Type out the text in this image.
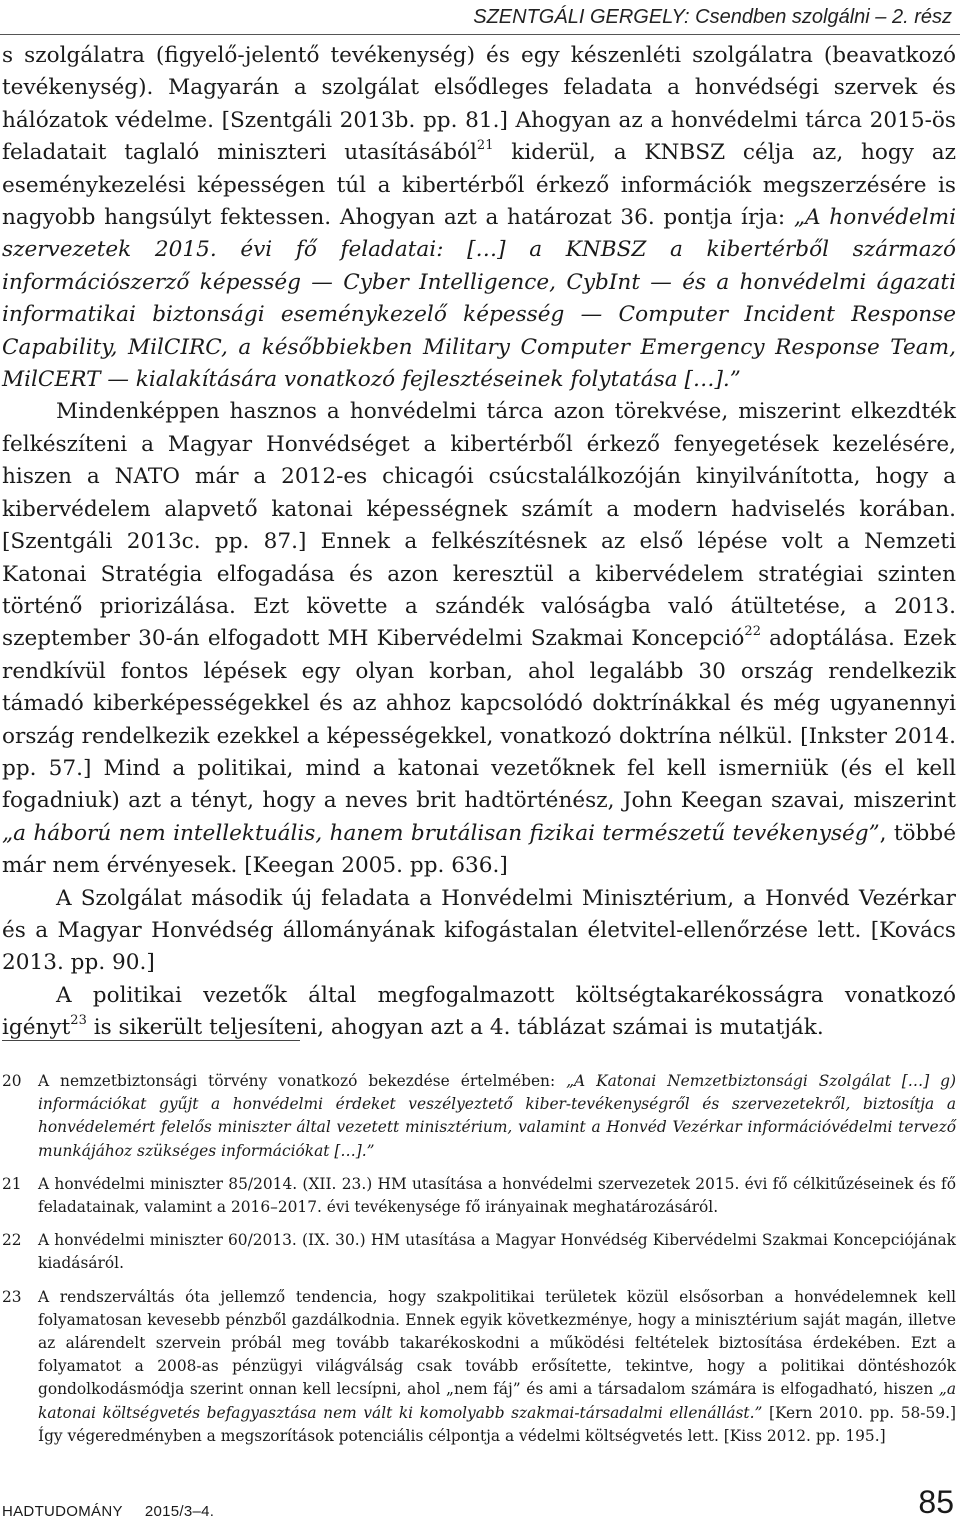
SZENTGÁLI GERGELY: Csendben szolgálni – 2. rész

s szolgálatra (figyelő-jelentő tevékenység) és egy készenléti szolgálatra (beavatkozó tevékenység). Magyarán a szolgálat elsődleges feladata a honvédségi szervek és hálózatok védelme. [Szentgáli 2013b. pp. 81.] Ahogyan az a honvédelmi tárca 2015-ös feladatait taglaló miniszteri utasításából$^{21}$ kiderül, a KNBSZ célja az, hogy az eseménykezelési képességen túl a kibertérből érkező információk megszerzésére is nagyobb hangsúlyt fektessen. Ahogyan azt a határozat 36. pontja írja: „A honvédelmi szervezetek 2015. évi fő feladatai: […] a KNBSZ a kibertérből származó információszerző képesség — Cyber Intelligence, CybInt — és a honvédelmi ágazati informatikai biztonsági eseménykezelő képesség — Computer Incident Response Capability, MilCIRC, a későbbiekben Military Computer Emergency Response Team, MilCERT — kialakítására vonatkozó fejlesztéseinek folytatása […].”

Mindenképpen hasznos a honvédelmi tárca azon törekvése, miszerint elkezdték felkészíteni a Magyar Honvédséget a kibertérből érkező fenyegetések kezelésére, hiszen a NATO már a 2012-es chicagói csúcstalálkozóján kinyilvánította, hogy a kibervédelem alapvető katonai képességnek számít a modern hadviselés korában. [Szentgáli 2013c. pp. 87.] Ennek a felkészítésnek az első lépése volt a Nemzeti Katonai Stratégia elfogadása és azon keresztül a kibervédelem stratégiai szinten történő priorizálása. Ezt követte a szándék valóságba való átültetése, a 2013. szeptember 30-án elfogadott MH Kibervédelmi Szakmai Koncepció$^{22}$ adoptálása. Ezek rendkívül fontos lépések egy olyan korban, ahol legalább 30 ország rendelkezik támadó kiberképességekkel és az ahhoz kapcsolódó doktrínákkal és még ugyanennyi ország rendelkezik ezekkel a képességekkel, vonatkozó doktrína nélkül. [Inkster 2014. pp. 57.] Mind a politikai, mind a katonai vezetőknek fel kell ismerniük (és el kell fogadniuk) azt a tényt, hogy a neves brit hadtörténész, John Keegan szavai, miszerint „a háború nem intellektuális, hanem brutálisan fizikai természetű tevékenység”, többé már nem érvényesek. [Keegan 2005. pp. 636.]

A Szolgálat második új feladata a Honvédelmi Minisztérium, a Honvéd Vezérkar és a Magyar Honvédség állományának kifogástalan életvitel-ellenőrzése lett. [Kovács 2013. pp. 90.]

A politikai vezetők által megfogalmazott költségtakarékosságra vonatkozó igényt$^{23}$ is sikerült teljesíteni, ahogyan azt a 4. táblázat számai is mutatják.

20	A nemzetbiztonsági törvény vonatkozó bekezdése értelmében: „A Katonai Nemzetbiztonsági Szolgálat […] g) információkat gyűjt a honvédelmi érdeket veszélyeztető kiber-tevékenységről és szervezetekről, biztosítja a honvédelemért felelős miniszter által vezetett minisztérium, valamint a Honvéd Vezérkar információvédelmi tervező munkájához szükséges információkat […].”
21	A honvédelmi miniszter 85/2014. (XII. 23.) HM utasítása a honvédelmi szervezetek 2015. évi fő célkitűzéseinek és fő feladatainak, valamint a 2016–2017. évi tevékenysége fő irányainak meghatározásáról.
22	A honvédelmi miniszter 60/2013. (IX. 30.) HM utasítása a Magyar Honvédség Kibervédelmi Szakmai Koncepciójának kiadásáról.
23	A rendszerváltás óta jellemző tendencia, hogy szakpolitikai területek közül elsősorban a honvédelemnek kell folyamatosan kevesebb pénzből gazdálkodnia. Ennek egyik következménye, hogy a minisztérium saját magán, illetve az alárendelt szervein próbál meg tovább takarékoskodni a működési feltételek biztosítása érdekében. Ezt a folyamatot a 2008-as pénzügyi világválság csak tovább erősítette, tekintve, hogy a politikai döntéshozók gondolkodásmódja szerint onnan kell lecsípni, ahol „nem fáj” és ami a társadalom számára is elfogadható, hiszen „a katonai költségvetés befagyasztása nem vált ki komolyabb szakmai-társadalmi ellenállást.” [Kern 2010. pp. 58-59.] Így végeredményben a megszorítások potenciális célpontja a védelmi költségvetés lett. [Kiss 2012. pp. 195.]
HADTUDOMÁNY 2015/3–4.	85
